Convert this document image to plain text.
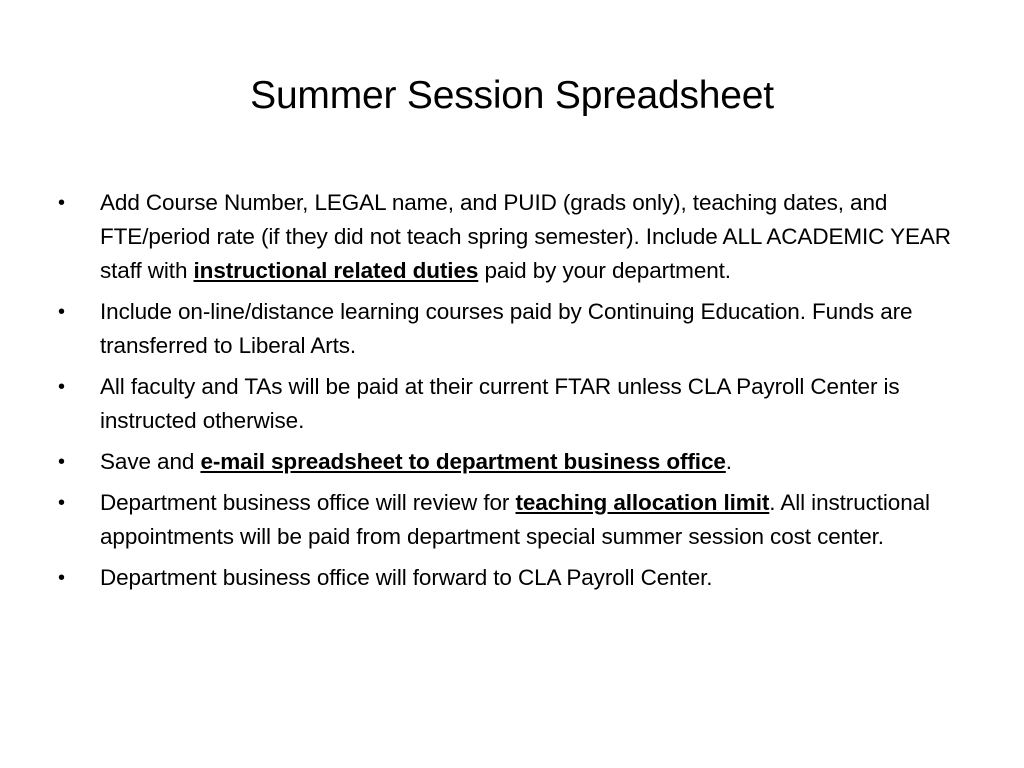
Summer Session Spreadsheet
•	Add Course Number, LEGAL name, and PUID (grads only), teaching dates, and FTE/period rate (if they did not teach spring semester). Include ALL ACADEMIC YEAR staff with instructional related duties paid by your department.
•	Include on-line/distance learning courses paid by Continuing Education. Funds are transferred to Liberal Arts.
•	All faculty and TAs will be paid at their current FTAR unless CLA Payroll Center is instructed otherwise.
•	Save and e-mail spreadsheet to department business office.
•	Department business office will review for teaching allocation limit. All instructional appointments will be paid from department special summer session cost center.
•	Department business office will forward to CLA Payroll Center.
